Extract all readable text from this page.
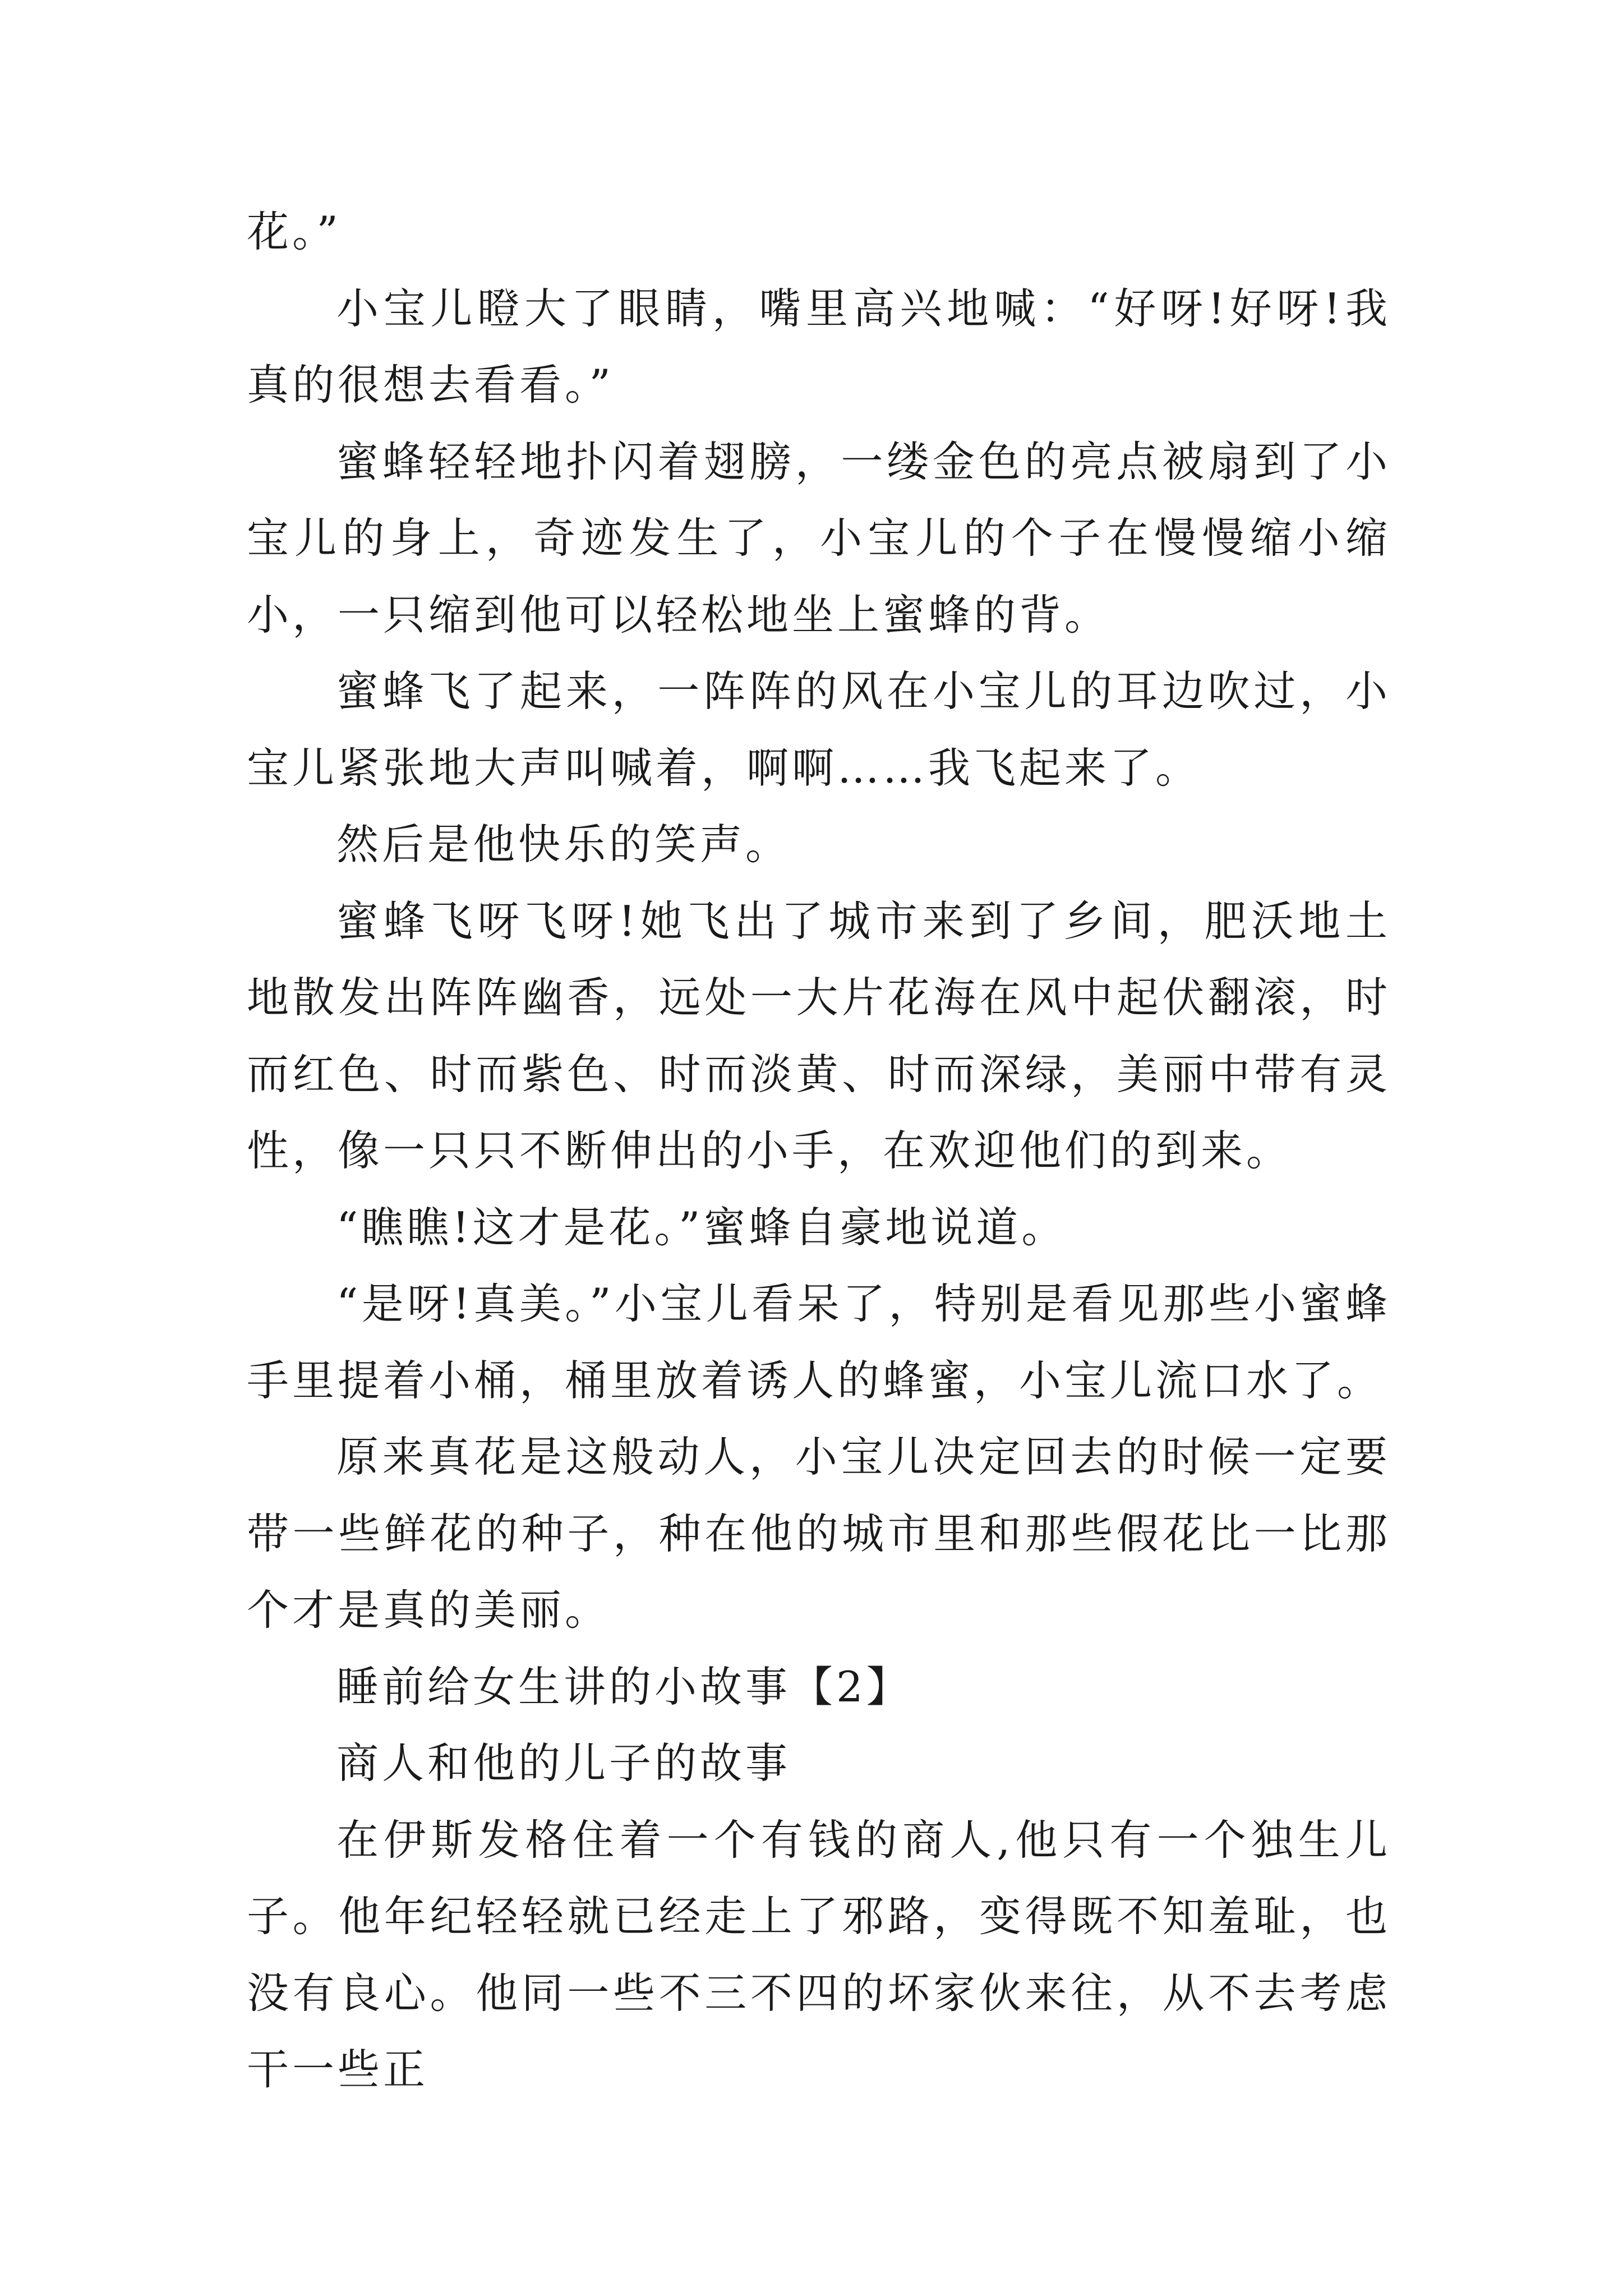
花。”

小宝儿瞪大了眼睛，嘴里高兴地喊：“好呀!好呀!我真的很想去看看。”

蜜蜂轻轻地扑闪着翅膀，一缕金色的亮点被扇到了小宝儿的身上，奇迹发生了，小宝儿的个子在慢慢缩小缩小，一只缩到他可以轻松地坐上蜜蜂的背。

蜜蜂飞了起来，一阵阵的风在小宝儿的耳边吹过，小宝儿紧张地大声叫喊着，啊啊……我飞起来了。

然后是他快乐的笑声。

蜜蜂飞呀飞呀!她飞出了城市来到了乡间，肥沃地土地散发出阵阵幽香，远处一大片花海在风中起伏翻滚，时而红色、时而紫色、时而淡黄、时而深绿，美丽中带有灵性，像一只只不断伸出的小手，在欢迎他们的到来。

“瞧瞧!这才是花。”蜜蜂自豪地说道。

“是呀!真美。”小宝儿看呆了，特别是看见那些小蜜蜂手里提着小桶，桶里放着诱人的蜂蜜，小宝儿流口水了。

原来真花是这般动人，小宝儿决定回去的时候一定要带一些鲜花的种子，种在他的城市里和那些假花比一比那个才是真的美丽。

睡前给女生讲的小故事【2】

商人和他的儿子的故事

在伊斯发格住着一个有钱的商人,他只有一个独生儿子。他年纪轻轻就已经走上了邪路，变得既不知羞耻，也没有良心。他同一些不三不四的坏家伙来往，从不去考虑干一些正
